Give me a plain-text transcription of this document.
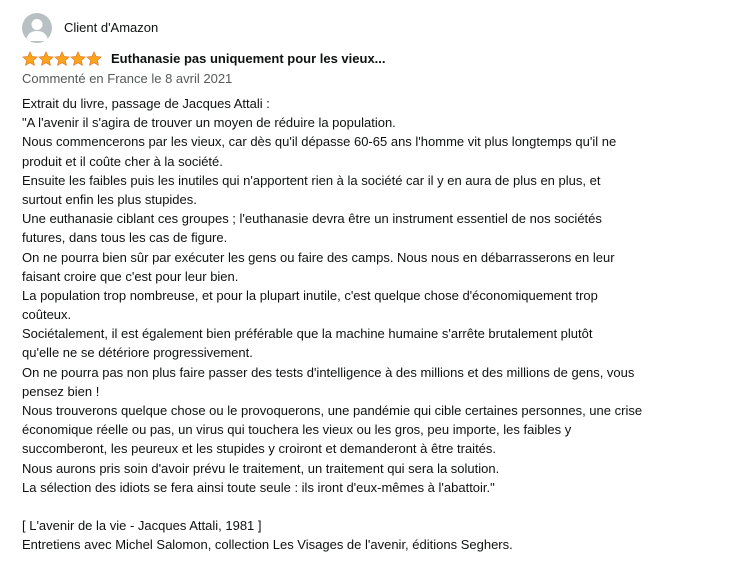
Client d'Amazon
Euthanasie pas uniquement pour les vieux...
Commenté en France le 8 avril 2021
Extrait du livre, passage de Jacques Attali :
"A l'avenir il s'agira de trouver un moyen de réduire la population.
Nous commencerons par les vieux, car dès qu'il dépasse 60-65 ans l'homme vit plus longtemps qu'il ne
produit et il coûte cher à la société.
Ensuite les faibles puis les inutiles qui n'apportent rien à la société car il y en aura de plus en plus, et
surtout enfin les plus stupides.
Une euthanasie ciblant ces groupes ; l'euthanasie devra être un instrument essentiel de nos sociétés
futures, dans tous les cas de figure.
On ne pourra bien sûr par exécuter les gens ou faire des camps. Nous nous en débarrasserons en leur
faisant croire que c'est pour leur bien.
La population trop nombreuse, et pour la plupart inutile, c'est quelque chose d'économiquement trop
coûteux.
Sociétalement, il est également bien préférable que la machine humaine s'arrête brutalement plutôt
qu'elle ne se détériore progressivement.
On ne pourra pas non plus faire passer des tests d'intelligence à des millions et des millions de gens, vous
pensez bien !
Nous trouverons quelque chose ou le provoquerons, une pandémie qui cible certaines personnes, une crise
économique réelle ou pas, un virus qui touchera les vieux ou les gros, peu importe, les faibles y
succomberont, les peureux et les stupides y croiront et demanderont à être traités.
Nous aurons pris soin d'avoir prévu le traitement, un traitement qui sera la solution.
La sélection des idiots se fera ainsi toute seule : ils iront d'eux-mêmes à l'abattoir."
[ L'avenir de la vie - Jacques Attali, 1981 ]
Entretiens avec Michel Salomon, collection Les Visages de l'avenir, éditions Seghers.
